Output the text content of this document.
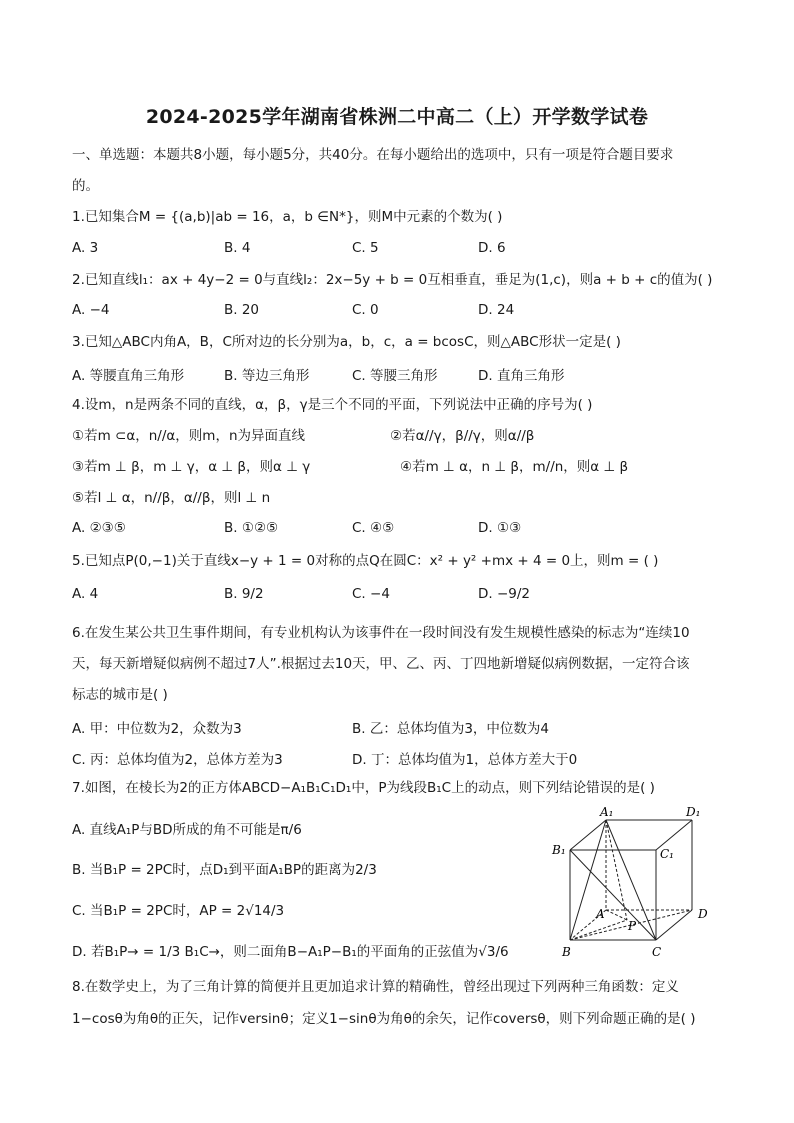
2024-2025学年湖南省株洲二中高二（上）开学数学试卷
一、单选题：本题共8小题，每小题5分，共40分。在每小题给出的选项中，只有一项是符合题目要求
的。
1.已知集合M = {(a,b)|ab = 16，a，b ∈N*}，则M中元素的个数为( )
A. 3	B. 4	C. 5	D. 6
2.已知直线l₁：ax + 4y−2 = 0与直线l₂：2x−5y + b = 0互相垂直，垂足为(1,c)，则a + b + c的值为( )
A. −4	B. 20	C. 0	D. 24
3.已知△ABC内角A，B，C所对边的长分别为a，b，c，a = bcosC，则△ABC形状一定是( )
A. 等腰直角三角形	B. 等边三角形	C. 等腰三角形	D. 直角三角形
4.设m，n是两条不同的直线，α，β，γ是三个不同的平面，下列说法中正确的序号为( )
①若m ⊂α，n//α，则m，n为异面直线	②若α//γ，β//γ，则α//β
③若m ⊥ β，m ⊥ γ，α ⊥ β，则α ⊥ γ	④若m ⊥ α，n ⊥ β，m//n，则α ⊥ β
⑤若l ⊥ α，n//β，α//β，则l ⊥ n
A. ②③⑤	B. ①②⑤	C. ④⑤	D. ①③
5.已知点P(0,−1)关于直线x−y + 1 = 0对称的点Q在圆C：x² + y² +mx + 4 = 0上，则m = ( )
A. 4	B. 9/2	C. −4	D. −9/2
6.在发生某公共卫生事件期间，有专业机构认为该事件在一段时间没有发生规模性感染的标志为“连续10
天，每天新增疑似病例不超过7人”.根据过去10天，甲、乙、丙、丁四地新增疑似病例数据，一定符合该
标志的城市是( )
A. 甲：中位数为2，众数为3	B. 乙：总体均值为3，中位数为4
C. 丙：总体均值为2，总体方差为3	D. 丁：总体均值为1，总体方差大于0
7.如图，在棱长为2的正方体ABCD−A₁B₁C₁D₁中，P为线段B₁C上的动点，则下列结论错误的是( )
A. 直线A₁P与BD所成的角不可能是π/6
B. 当B₁P = 2PC时，点D₁到平面A₁BP的距离为2/3
C. 当B₁P = 2PC时，AP = 2√14/3
D. 若B₁P→ = 1/3 B₁C→，则二面角B−A₁P−B₁的平面角的正弦值为√3/6
A₁	D₁
B₁	C₁
A	D
B	C
P
8.在数学史上，为了三角计算的简便并且更加追求计算的精确性，曾经出现过下列两种三角函数：定义
1−cosθ为角θ的正矢，记作versinθ；定义1−sinθ为角θ的余矢，记作coversθ，则下列命题正确的是( )
